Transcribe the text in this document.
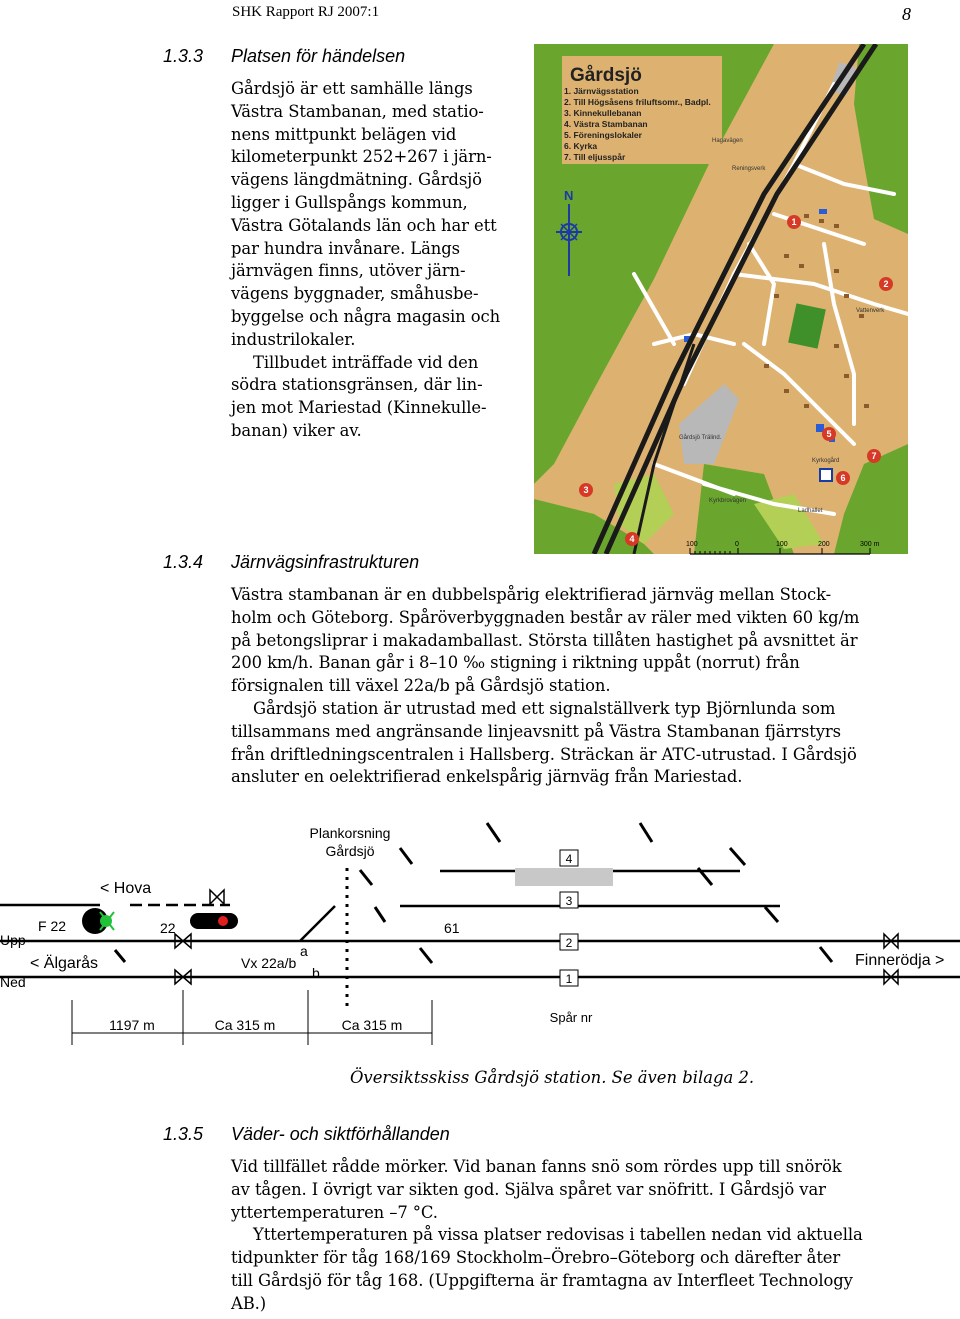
SHK Rapport RJ 2007:1	8
1.3.3 Platsen för händelsen
Gårdsjö är ett samhälle längs
Västra Stambanan, med statio-
nens mittpunkt belägen vid
kilometerpunkt 252+267 i järn-
vägens längdmätning. Gårdsjö
ligger i Gullspångs kommun,
Västra Götalands län och har ett
par hundra invånare. Längs
järnvägen finns, utöver järn-
vägens byggnader, småhusbe-
byggelse och några magasin och
industrilokaler.
Tillbudet inträffade vid den
södra stationsgränsen, där lin-
jen mot Mariestad (Kinnekulle-
banan) viker av.
Gårdsjö
1. Järnvägsstation
2. Till Högsåsens friluftsomr., Badpl.
3. Kinnekullebanan
4. Västra Stambanan
5. Föreningslokaler
6. Kyrka
7. Till eljusspår
N
Hagavägen
Reningsverk
Vattenverk
Gårdsjö Trälind.
Kyrkogård
Kyrkbrovägen
Ladhallet
1
2
3
4
5
6
7
100	0	100	200	300 m
1.3.4 Järnvägsinfrastrukturen
Västra stambanan är en dubbelspårig elektrifierad järnväg mellan Stock-
holm och Göteborg. Spåröverbyggnaden består av räler med vikten 60 kg/m
på betongsliprar i makadamballast. Största tillåten hastighet på avsnittet är
200 km/h. Banan går i 8–10 ‰ stigning i riktning uppåt (norrut) från
försignalen till växel 22a/b på Gårdsjö station.
Gårdsjö station är utrustad med ett signalställverk typ Björnlunda som
tillsammans med angränsande linjeavsnitt på Västra Stambanan fjärrstyrs
från driftledningscentralen i Hallsberg. Sträckan är ATC-utrustad. I Gårdsjö
ansluter en oelektrifierad enkelspårig järnväg från Mariestad.
Plankorsning
Gårdsjö
< Hova
Upp
Ned
F 22	22
< Älgarås	Vx 22a/b
a
b
61
Finnerödja >
4
3
2
1
1197 m	Ca 315 m	Ca 315 m	Spår nr
Översiktsskiss Gårdsjö station. Se även bilaga 2.
1.3.5 Väder- och siktförhållanden
Vid tillfället rådde mörker. Vid banan fanns snö som rördes upp till snörök
av tågen. I övrigt var sikten god. Själva spåret var snöfritt. I Gårdsjö var
yttertemperaturen –7 °C.
Yttertemperaturen på vissa platser redovisas i tabellen nedan vid aktuella
tidpunkter för tåg 168/169 Stockholm–Örebro–Göteborg och därefter åter
till Gårdsjö för tåg 168. (Uppgifterna är framtagna av Interfleet Technology
AB.)
